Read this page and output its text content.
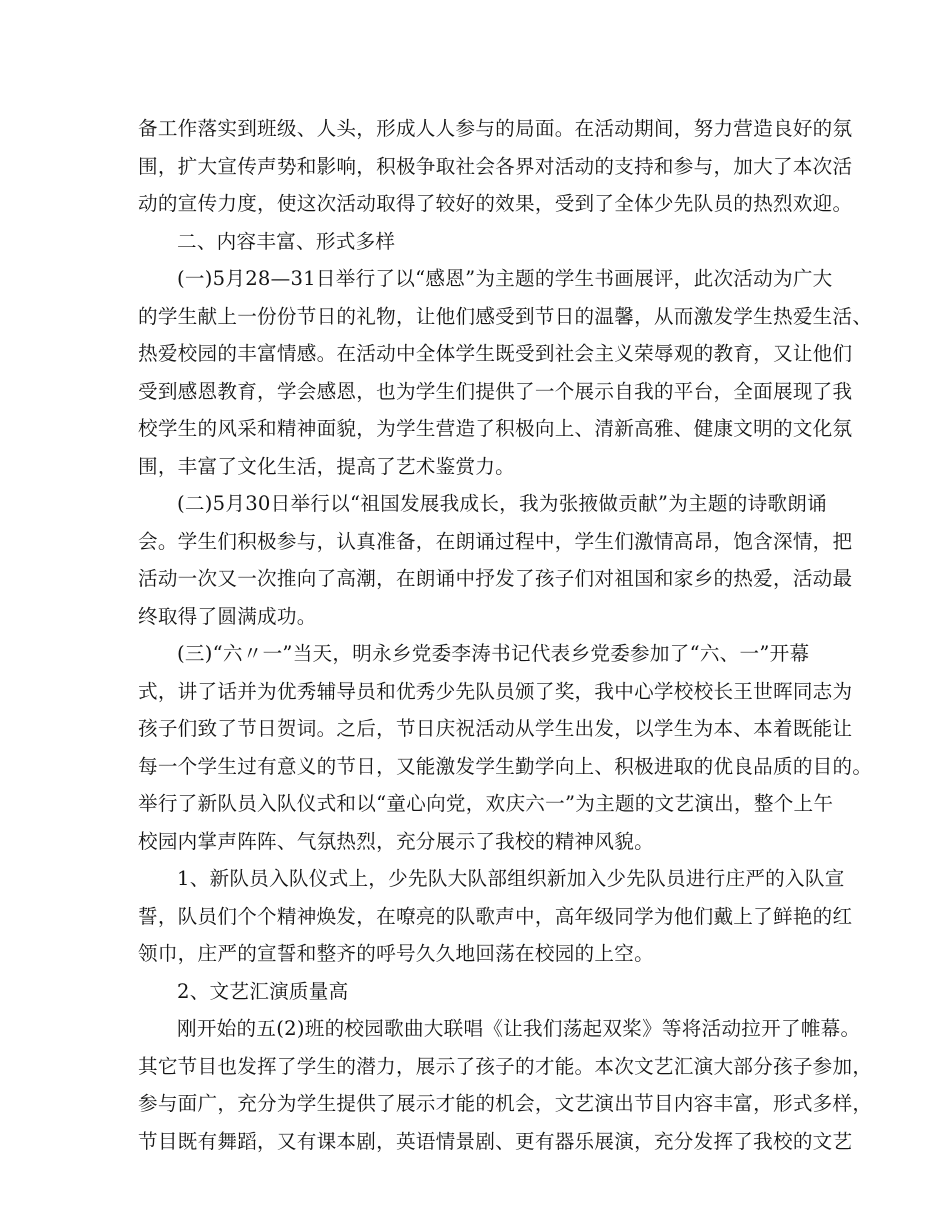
备工作落实到班级、人头，形成人人参与的局面。在活动期间，努力营造良好的氛
围，扩大宣传声势和影响，积极争取社会各界对活动的支持和参与，加大了本次活
动的宣传力度，使这次活动取得了较好的效果，受到了全体少先队员的热烈欢迎。
二、内容丰富、形式多样
(一)5月28—31日举行了以“感恩”为主题的学生书画展评，此次活动为广大
的学生献上一份份节日的礼物，让他们感受到节日的温馨，从而激发学生热爱生活、
热爱校园的丰富情感。在活动中全体学生既受到社会主义荣辱观的教育，又让他们
受到感恩教育，学会感恩，也为学生们提供了一个展示自我的平台，全面展现了我
校学生的风采和精神面貌，为学生营造了积极向上、清新高雅、健康文明的文化氛
围，丰富了文化生活，提高了艺术鉴赏力。
(二)5月30日举行以“祖国发展我成长，我为张掖做贡献”为主题的诗歌朗诵
会。学生们积极参与，认真准备，在朗诵过程中，学生们激情高昂，饱含深情，把
活动一次又一次推向了高潮，在朗诵中抒发了孩子们对祖国和家乡的热爱，活动最
终取得了圆满成功。
(三)“六〃一”当天，明永乡党委李涛书记代表乡党委参加了“六、一”开幕
式，讲了话并为优秀辅导员和优秀少先队员颁了奖，我中心学校校长王世晖同志为
孩子们致了节日贺词。之后，节日庆祝活动从学生出发，以学生为本、本着既能让
每一个学生过有意义的节日，又能激发学生勤学向上、积极进取的优良品质的目的。
举行了新队员入队仪式和以“童心向党，欢庆六一”为主题的文艺演出，整个上午
校园内掌声阵阵、气氛热烈，充分展示了我校的精神风貌。
1、新队员入队仪式上，少先队大队部组织新加入少先队员进行庄严的入队宣
誓，队员们个个精神焕发，在嘹亮的队歌声中，高年级同学为他们戴上了鲜艳的红
领巾，庄严的宣誓和整齐的呼号久久地回荡在校园的上空。
2、文艺汇演质量高
刚开始的五(2)班的校园歌曲大联唱《让我们荡起双桨》等将活动拉开了帷幕。
其它节目也发挥了学生的潜力，展示了孩子的才能。本次文艺汇演大部分孩子参加，
参与面广，充分为学生提供了展示才能的机会，文艺演出节目内容丰富，形式多样，
节目既有舞蹈，又有课本剧，英语情景剧、更有器乐展演，充分发挥了我校的文艺
